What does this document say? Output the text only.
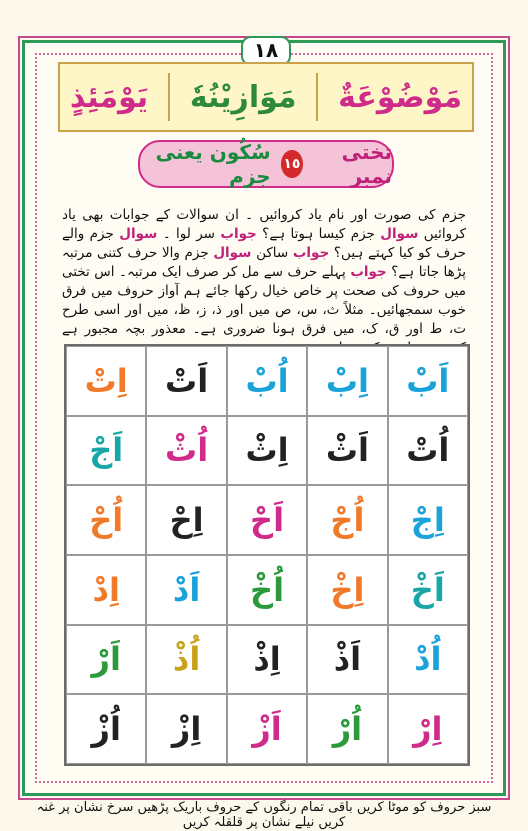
١٨
مَوْضُوْعَةٌ
مَوَازِيْنُهٗ
يَوْمَئِذٍ
تختی نمبر
١٥
سُکُون یعنی جزم
جزم کی صورت اور نام یاد کروائیں ۔ ان سوالات کے جوابات بھی یاد کروائیں سوال جزم کیسا ہوتا ہے؟ جواب سر لوا ۔ سوال جزم والے حرف کو کیا کہتے ہیں؟ جواب ساکن سوال جزم والا حرف کتنی مرتبہ پڑھا جاتا ہے؟ جواب پہلے حرف سے مل کر صرف ایک مرتبہ۔ اس تختی میں حروف کی صحت پر خاص خیال رکھا جائے ہم آواز حروف میں فرق خوب سمجھائیں۔ مثلاً ث، س، ص میں اور ذ، ز، ظ، میں اور اسی طرح ت، ط اور ق، ک، میں فرق ہونا ضروری ہے۔ معذور بچہ مجبور ہے
اَبْ
اِبْ
اُبْ
اَتْ
اِتْ
اُتْ
اَثْ
اِثْ
اُثْ
اَجْ
اِجْ
اُجْ
اَحْ
اِحْ
اُحْ
اَخْ
اِخْ
اُخْ
اَدْ
اِدْ
اُدْ
اَذْ
اِذْ
اُذْ
اَرْ
اِرْ
اُرْ
اَزْ
اِزْ
اُزْ
سبز حروف کو موٹا کریں باقی تمام رنگوں کے حروف باریک پڑھیں سرخ نشان پر غنہ کریں نیلے نشان پر قلقلہ کریں
